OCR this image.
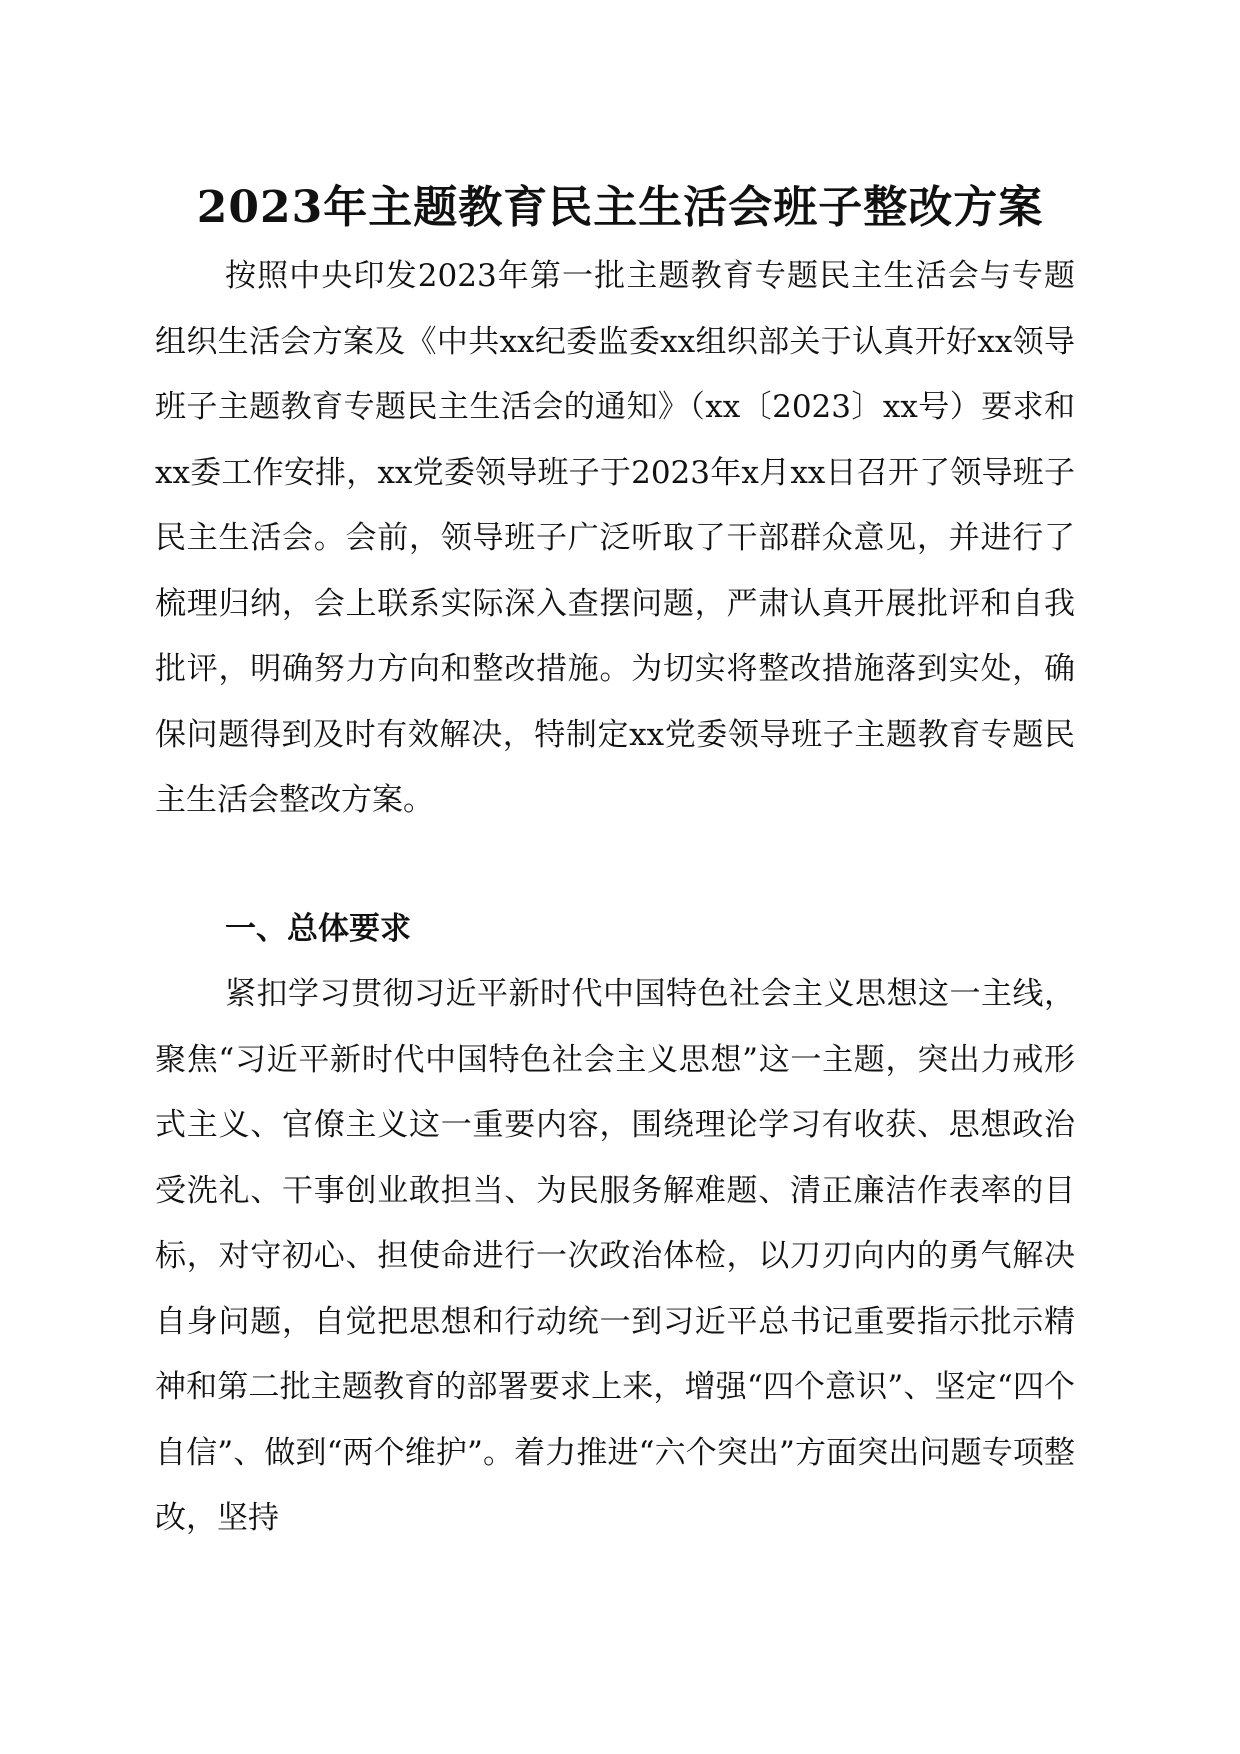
2023年主题教育民主生活会班子整改方案

按照中央印发2023年第一批主题教育专题民主生活会与专题组织生活会方案及《中共xx纪委监委xx组织部关于认真开好xx领导班子主题教育专题民主生活会的通知》（xx〔2023〕xx号）要求和xx委工作安排，xx党委领导班子于2023年x月xx日召开了领导班子民主生活会。会前，领导班子广泛听取了干部群众意见，并进行了梳理归纳，会上联系实际深入查摆问题，严肃认真开展批评和自我批评，明确努力方向和整改措施。为切实将整改措施落到实处，确保问题得到及时有效解决，特制定xx党委领导班子主题教育专题民主生活会整改方案。

一、总体要求

紧扣学习贯彻习近平新时代中国特色社会主义思想这一主线，聚焦“习近平新时代中国特色社会主义思想”这一主题，突出力戒形式主义、官僚主义这一重要内容，围绕理论学习有收获、思想政治受洗礼、干事创业敢担当、为民服务解难题、清正廉洁作表率的目标，对守初心、担使命进行一次政治体检，以刀刃向内的勇气解决自身问题，自觉把思想和行动统一到习近平总书记重要指示批示精神和第二批主题教育的部署要求上来，增强“四个意识”、坚定“四个自信”、做到“两个维护”。着力推进“六个突出”方面突出问题专项整改，坚持
